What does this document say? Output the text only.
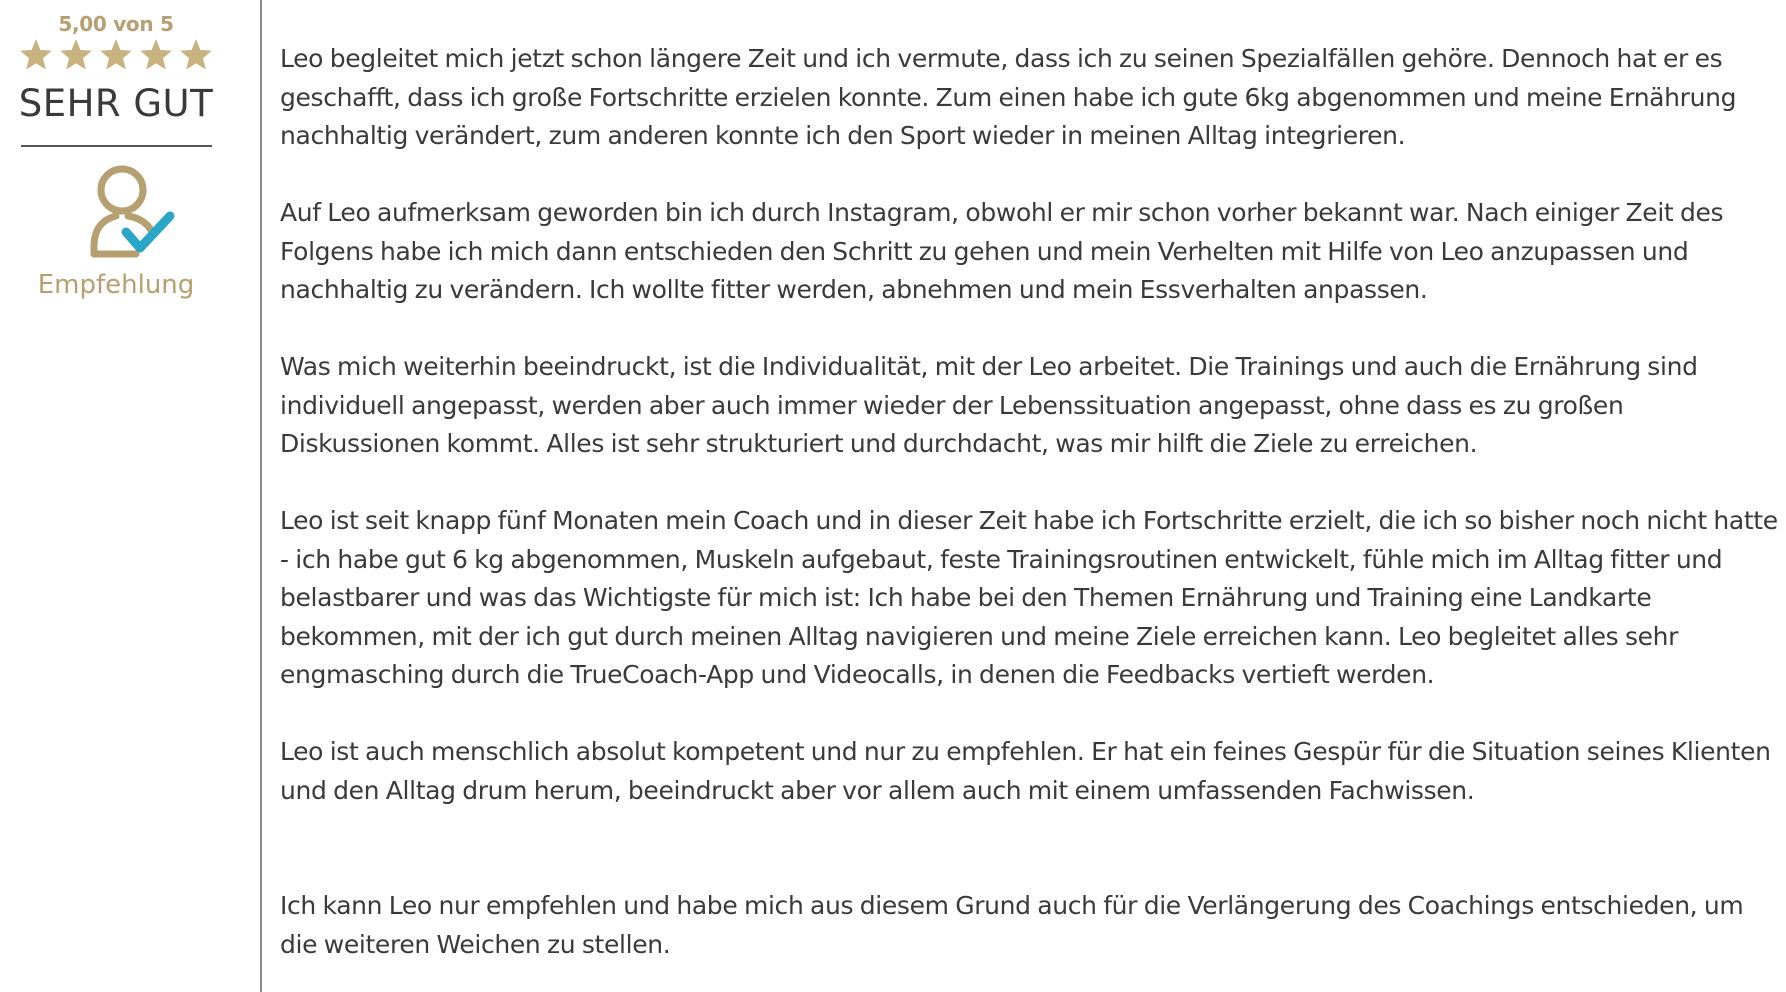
5,00 von 5
SEHR GUT
Empfehlung

Leo begleitet mich jetzt schon längere Zeit und ich vermute, dass ich zu seinen Spezialfällen gehöre. Dennoch hat er es geschafft, dass ich große Fortschritte erzielen konnte. Zum einen habe ich gute 6kg abgenommen und meine Ernährung nachhaltig verändert, zum anderen konnte ich den Sport wieder in meinen Alltag integrieren.

Auf Leo aufmerksam geworden bin ich durch Instagram, obwohl er mir schon vorher bekannt war. Nach einiger Zeit des Folgens habe ich mich dann entschieden den Schritt zu gehen und mein Verhelten mit Hilfe von Leo anzupassen und nachhaltig zu verändern. Ich wollte fitter werden, abnehmen und mein Essverhalten anpassen.

Was mich weiterhin beeindruckt, ist die Individualität, mit der Leo arbeitet. Die Trainings und auch die Ernährung sind individuell angepasst, werden aber auch immer wieder der Lebenssituation angepasst, ohne dass es zu großen Diskussionen kommt. Alles ist sehr strukturiert und durchdacht, was mir hilft die Ziele zu erreichen.

Leo ist seit knapp fünf Monaten mein Coach und in dieser Zeit habe ich Fortschritte erzielt, die ich so bisher noch nicht hatte - ich habe gut 6 kg abgenommen, Muskeln aufgebaut, feste Trainingsroutinen entwickelt, fühle mich im Alltag fitter und belastbarer und was das Wichtigste für mich ist: Ich habe bei den Themen Ernährung und Training eine Landkarte bekommen, mit der ich gut durch meinen Alltag navigieren und meine Ziele erreichen kann. Leo begleitet alles sehr engmasching durch die TrueCoach-App und Videocalls, in denen die Feedbacks vertieft werden.

Leo ist auch menschlich absolut kompetent und nur zu empfehlen. Er hat ein feines Gespür für die Situation seines Klienten und den Alltag drum herum, beeindruckt aber vor allem auch mit einem umfassenden Fachwissen.

Ich kann Leo nur empfehlen und habe mich aus diesem Grund auch für die Verlängerung des Coachings entschieden, um die weiteren Weichen zu stellen.
